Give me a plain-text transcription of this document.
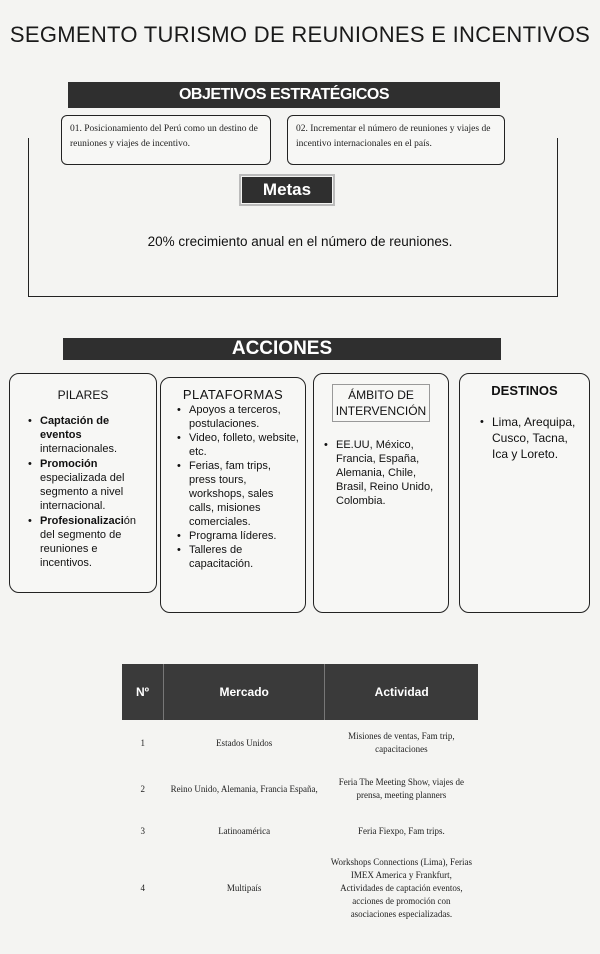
SEGMENTO TURISMO DE REUNIONES E INCENTIVOS
OBJETIVOS ESTRATÉGICOS
01. Posicionamiento del Perú como un destino de reuniones y viajes de incentivo.
02. Incrementar el número de reuniones y viajes de incentivo internacionales en el país.
Metas
20% crecimiento anual en el número de reuniones.
ACCIONES
PILARES
• Captación de eventos internacionales.
• Promoción especializada del segmento a nivel internacional.
• Profesionalización del segmento de reuniones e incentivos.
PLATAFORMAS
• Apoyos a terceros, postulaciones.
• Video, folleto, website, etc.
• Ferias, fam trips, press tours, workshops, sales calls, misiones comerciales.
• Programa líderes.
• Talleres de capacitación.
ÁMBITO DE INTERVENCIÓN
• EE.UU, México, Francia, España, Alemania, Chile, Brasil, Reino Unido, Colombia.
DESTINOS
• Lima, Arequipa, Cusco, Tacna, Ica y Loreto.
Nº	Mercado	Actividad
1	Estados Unidos	Misiones de ventas, Fam trip, capacitaciones
2	Reino Unido, Alemania, Francia España,	Feria The Meeting Show, viajes de prensa, meeting planners
3	Latinoamérica	Feria Fiexpo, Fam trips.
4	Multipaís	Workshops Connections (Lima), Ferias IMEX America y Frankfurt, Actividades de captación eventos, acciones de promoción con asociaciones especializadas.
